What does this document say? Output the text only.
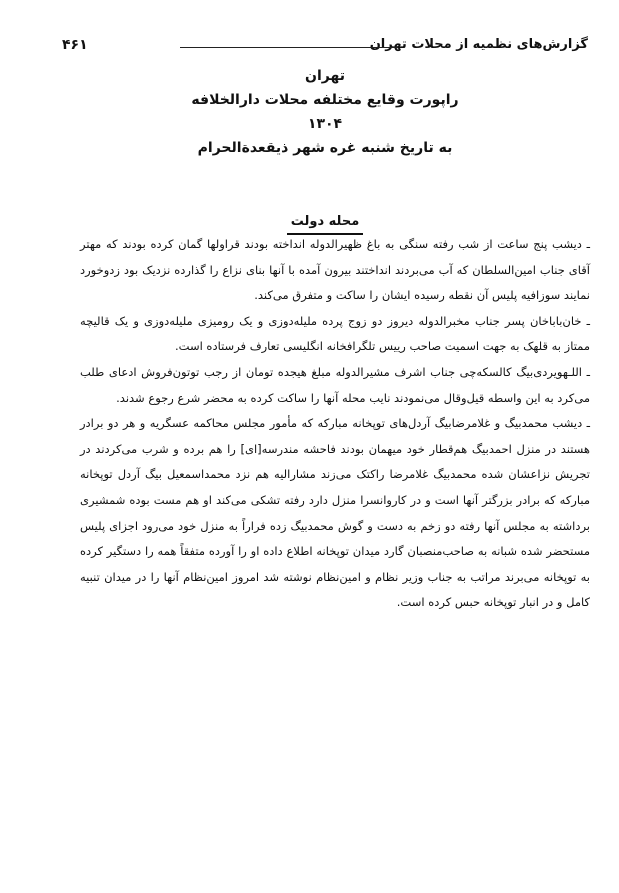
گزارش‌های نظمیه از محلات تهران
۴۶۱
تهران
راپورت وقایع مختلفه محلات دارالخلافه
۱۳۰۴
به تاریخ شنبه غره شهر ذیقعدة‌الحرام
محله دولت

ـ دیشب پنج ساعت از شب رفته سنگی به باغ ظهیرالدوله انداخته بودند قراولها گمان کرده بودند که مهتر آقای جناب امین‌السلطان که آب می‌بردند انداختند بیرون آمده با آنها بنای نزاع را گذارده نزدیک بود زدوخورد نمایند سوزافیه پلیس آن نقطه رسیده ایشان را ساکت و متفرق می‌کند.

ـ خان‌باباخان پسر جناب مخبرالدوله دیروز دو زوج پرده ملیله‌دوزی و یک رومیزی ملیله‌دوزی و یک قالیچه ممتاز به قلهک به جهت اسمیت صاحب رییس تلگرافخانه انگلیسی تعارف فرستاده است.

ـ اللـهویردی‌بیگ کالسکه‌چی جناب اشرف مشیرالدوله مبلغ هیجده تومان از رجب توتون‌فروش ادعای طلب می‌کرد به این واسطه قیل‌وقال می‌نمودند نایب محله آنها را ساکت کرده به محضر شرع رجوع شدند.

ـ دیشب محمدبیگ و غلامرضابیگ آردل‌های توپخانه مبارکه که مأمور مجلس محاکمه عسگریه و هر دو برادر هستند در منزل احمدبیگ هم‌قطار خود میهمان بودند فاحشه مندرسه[ای] را هم برده و شرب می‌کردند در تجریش نزاعشان شده محمدبیگ غلامرضا راکتک می‌زند مشارالیه هم نزد محمداسمعیل بیگ آردل توپخانه مبارکه که برادر بزرگتر آنها است و در کاروانسرا منزل دارد رفته تشکی می‌کند او هم مست بوده شمشیری برداشته به مجلس آنها رفته دو زخم به دست و گوش محمدبیگ زده فراراً به منزل خود می‌رود اجزای پلیس مستحضر شده شبانه به صاحب‌منصبان گارد میدان توپخانه اطلاع داده او را آورده متفقاً همه را دستگیر کرده به توپخانه می‌برند مراتب به جناب وزیر نظام و امین‌نظام نوشته شد امروز امین‌نظام آنها را در میدان تنبیه کامل و در انبار توپخانه حبس کرده است.
